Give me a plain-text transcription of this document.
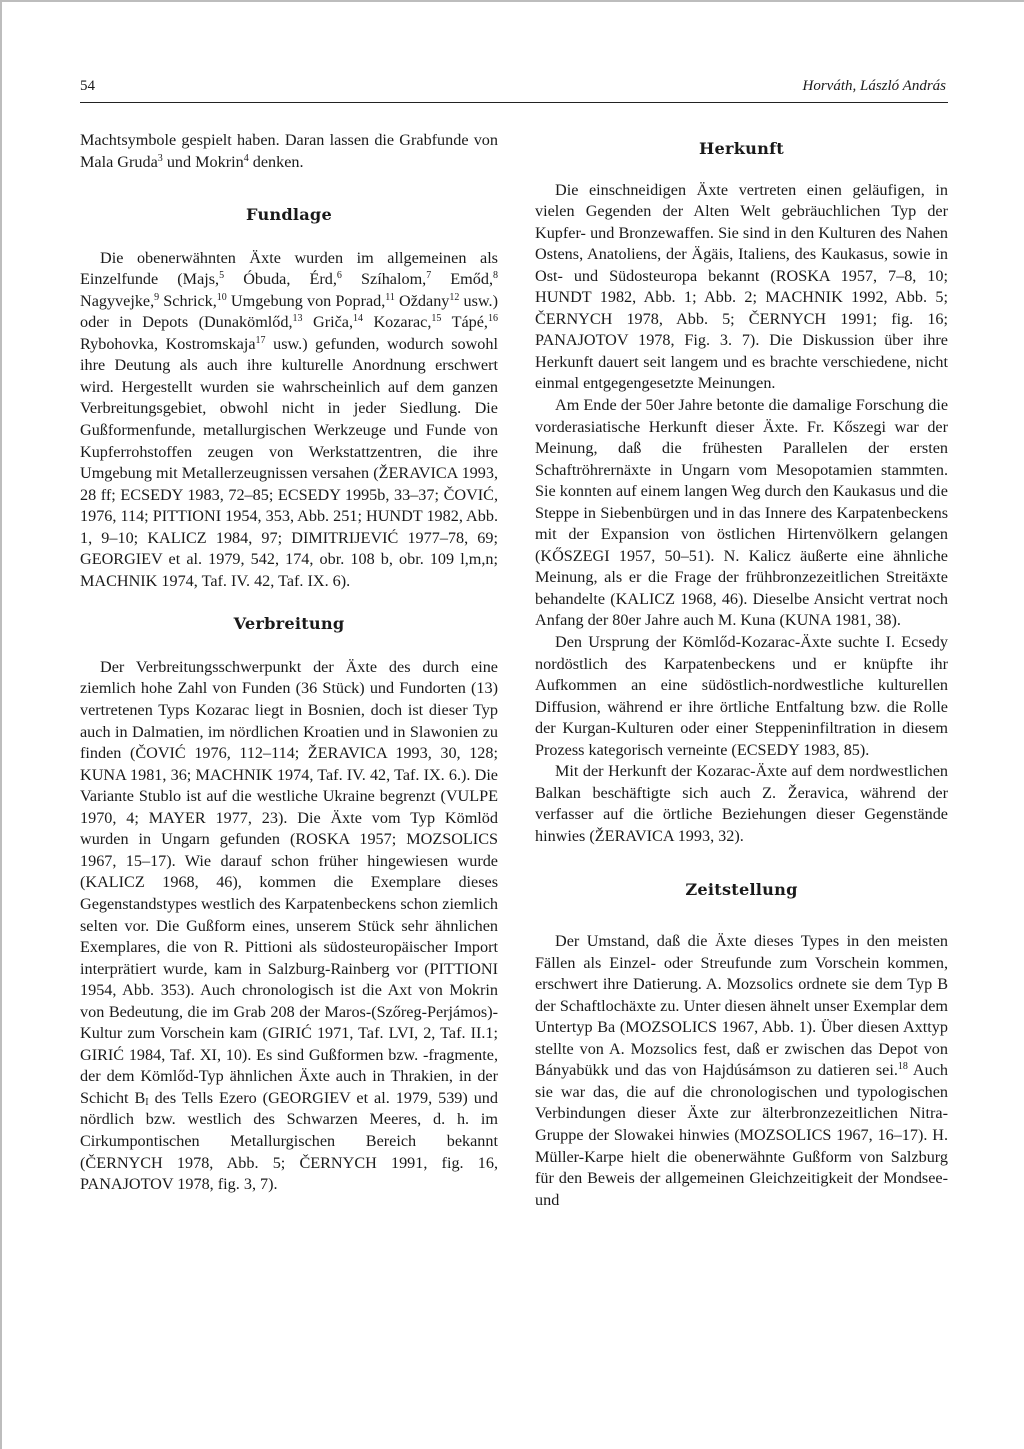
54	Horváth, László András

Machtsymbole gespielt haben. Daran lassen die Grabfunde von Mala Gruda$^3$ und Mokrin$^4$ denken.

Fundlage

Die obenerwähnten Äxte wurden im allgemeinen als Einzelfunde (Majs,$^5$ Óbuda, Érd,$^6$ Szíhalom,$^7$ Emőd,$^8$ Nagyvejke,$^9$ Schrick,$^{10}$ Umgebung von Poprad,$^{11}$ Oždany$^{12}$ usw.) oder in Depots (Dunakömlőd,$^{13}$ Griča,$^{14}$ Kozarac,$^{15}$ Tápé,$^{16}$ Rybohovka, Kostromskaja$^{17}$ usw.) gefunden, wodurch sowohl ihre Deutung als auch ihre kulturelle Anordnung erschwert wird. Hergestellt wurden sie wahrscheinlich auf dem ganzen Verbreitungsgebiet, obwohl nicht in jeder Siedlung. Die Gußformenfunde, metallurgischen Werkzeuge und Funde von Kupferrohstoffen zeugen von Werkstattzentren, die ihre Umgebung mit Metallerzeugnissen versahen (ŽERAVICA 1993, 28 ff; ECSEDY 1983, 72–85; ECSEDY 1995b, 33–37; ČOVIĆ, 1976, 114; PITTIONI 1954, 353, Abb. 251; HUNDT 1982, Abb. 1, 9–10; KALICZ 1984, 97; DIMITRIJEVIĆ 1977–78, 69; GEORGIEV et al. 1979, 542, 174, obr. 108 b, obr. 109 l,m,n; MACHNIK 1974, Taf. IV. 42, Taf. IX. 6).

Verbreitung

Der Verbreitungsschwerpunkt der Äxte des durch eine ziemlich hohe Zahl von Funden (36 Stück) und Fundorten (13) vertretenen Typs Kozarac liegt in Bosnien, doch ist dieser Typ auch in Dalmatien, im nördlichen Kroatien und in Slawonien zu finden (ČOVIĆ 1976, 112–114; ŽERAVICA 1993, 30, 128; KUNA 1981, 36; MACHNIK 1974, Taf. IV. 42, Taf. IX. 6.). Die Variante Stublo ist auf die westliche Ukraine begrenzt (VULPE 1970, 4; MAYER 1977, 23). Die Äxte vom Typ Kömlöd wurden in Ungarn gefunden (ROSKA 1957; MOZSOLICS 1967, 15–17). Wie darauf schon früher hingewiesen wurde (KALICZ 1968, 46), kommen die Exemplare dieses Gegenstandstypes westlich des Karpatenbeckens schon ziemlich selten vor. Die Gußform eines, unserem Stück sehr ähnlichen Exemplares, die von R. Pittioni als südosteuropäischer Import interprätiert wurde, kam in Salzburg-Rainberg vor (PITTIONI 1954, Abb. 353). Auch chronologisch ist die Axt von Mokrin von Bedeutung, die im Grab 208 der Maros-(Szőreg-Perjámos)-Kultur zum Vorschein kam (GIRIĆ 1971, Taf. LVI, 2, Taf. II.1; GIRIĆ 1984, Taf. XI, 10). Es sind Gußformen bzw. -fragmente, der dem Kömlőd-Typ ähnlichen Äxte auch in Thrakien, in der Schicht $B_I$ des Tells Ezero (GEORGIEV et al. 1979, 539) und nördlich bzw. westlich des Schwarzen Meeres, d. h. im Cirkumpontischen Metallurgischen Bereich bekannt (ČERNYCH 1978, Abb. 5; ČERNYCH 1991, fig. 16, PANAJOTOV 1978, fig. 3, 7).

Herkunft

Die einschneidigen Äxte vertreten einen geläufigen, in vielen Gegenden der Alten Welt gebräuchlichen Typ der Kupfer- und Bronzewaffen. Sie sind in den Kulturen des Nahen Ostens, Anatoliens, der Ägäis, Italiens, des Kaukasus, sowie in Ost- und Südosteuropa bekannt (ROSKA 1957, 7–8, 10; HUNDT 1982, Abb. 1; Abb. 2; MACHNIK 1992, Abb. 5; ČERNYCH 1978, Abb. 5; ČERNYCH 1991; fig. 16; PANAJOTOV 1978, Fig. 3. 7). Die Diskussion über ihre Herkunft dauert seit langem und es brachte verschiedene, nicht einmal entgegengesetzte Meinungen.

Am Ende der 50er Jahre betonte die damalige Forschung die vorderasiatische Herkunft dieser Äxte. Fr. Kőszegi war der Meinung, daß die frühesten Parallelen der ersten Schaftröhrernäxte in Ungarn vom Mesopotamien stammten. Sie konnten auf einem langen Weg durch den Kaukasus und die Steppe in Siebenbürgen und in das Innere des Karpatenbeckens mit der Expansion von östlichen Hirtenvölkern gelangen (KŐSZEGI 1957, 50–51). N. Kalicz äußerte eine ähnliche Meinung, als er die Frage der frühbronzezeitlichen Streitäxte behandelte (KALICZ 1968, 46). Dieselbe Ansicht vertrat noch Anfang der 80er Jahre auch M. Kuna (KUNA 1981, 38).

Den Ursprung der Kömlőd-Kozarac-Äxte suchte I. Ecsedy nordöstlich des Karpatenbeckens und er knüpfte ihr Aufkommen an eine südöstlich-nordwestliche kulturellen Diffusion, während er ihre örtliche Entfaltung bzw. die Rolle der Kurgan-Kulturen oder einer Steppeninfiltration in diesem Prozess kategorisch verneinte (ECSEDY 1983, 85).

Mit der Herkunft der Kozarac-Äxte auf dem nordwestlichen Balkan beschäftigte sich auch Z. Žeravica, während der verfasser auf die örtliche Beziehungen dieser Gegenstände hinwies (ŽERAVICA 1993, 32).

Zeitstellung

Der Umstand, daß die Äxte dieses Types in den meisten Fällen als Einzel- oder Streufunde zum Vorschein kommen, erschwert ihre Datierung. A. Mozsolics ordnete sie dem Typ B der Schaftlochäxte zu. Unter diesen ähnelt unser Exemplar dem Untertyp Ba (MOZSOLICS 1967, Abb. 1). Über diesen Axttyp stellte von A. Mozsolics fest, daß er zwischen das Depot von Bányabükk und das von Hajdúsámson zu datieren sei.$^{18}$ Auch sie war das, die auf die chronologischen und typologischen Verbindungen dieser Äxte zur älterbronzezeitlichen Nitra-Gruppe der Slowakei hinwies (MOZSOLICS 1967, 16–17). H. Müller-Karpe hielt die obenerwähnte Gußform von Salzburg für den Beweis der allgemeinen Gleichzeitigkeit der Mondsee- und
